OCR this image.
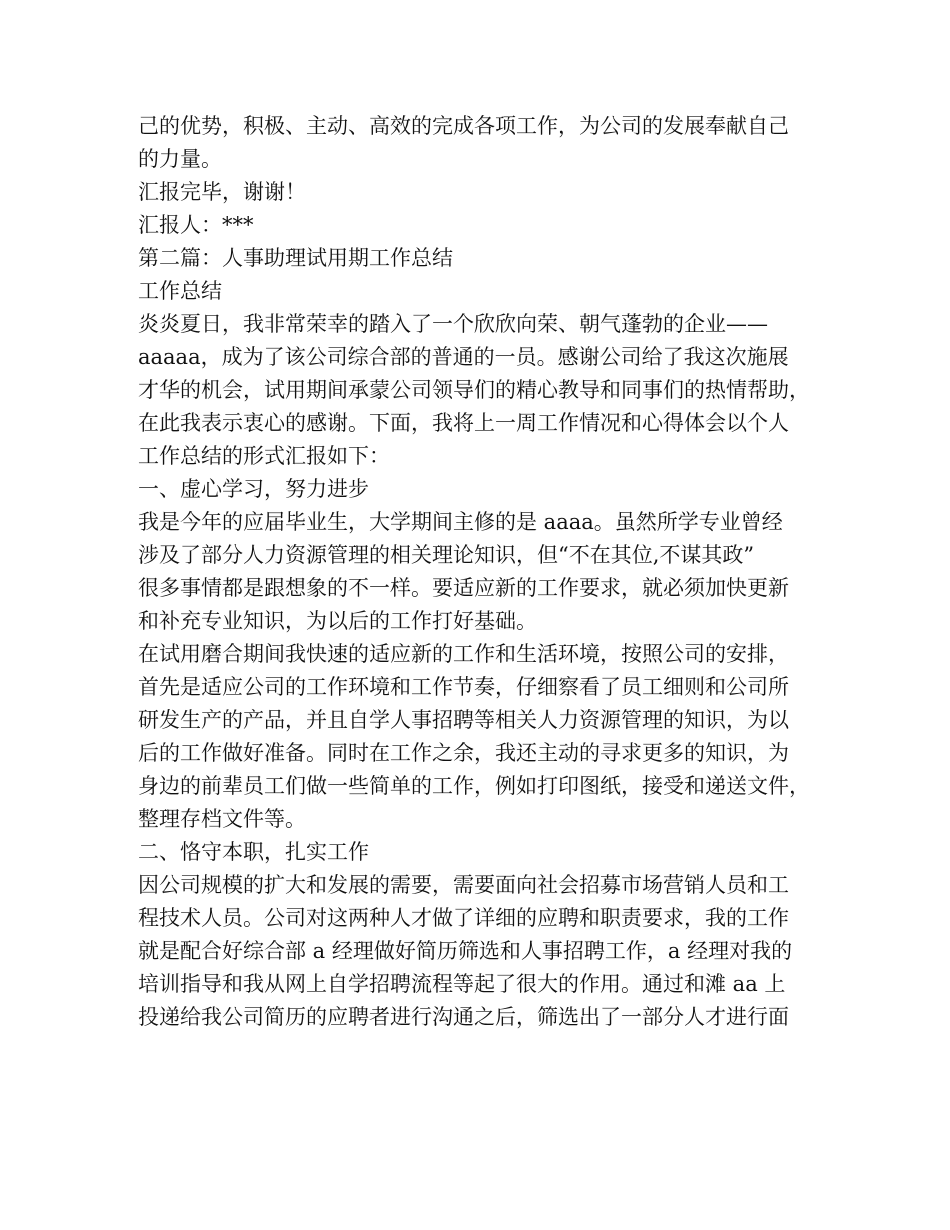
己的优势，积极、主动、高效的完成各项工作，为公司的发展奉献自己
的力量。
汇报完毕，谢谢！
汇报人：***
第二篇：人事助理试用期工作总结
工作总结
炎炎夏日，我非常荣幸的踏入了一个欣欣向荣、朝气蓬勃的企业——
aaaaa，成为了该公司综合部的普通的一员。感谢公司给了我这次施展
才华的机会，试用期间承蒙公司领导们的精心教导和同事们的热情帮助，
在此我表示衷心的感谢。下面，我将上一周工作情况和心得体会以个人
工作总结的形式汇报如下：
一、虚心学习，努力进步
我是今年的应届毕业生，大学期间主修的是 aaaa。虽然所学专业曾经
涉及了部分人力资源管理的相关理论知识，但“不在其位,不谋其政”
很多事情都是跟想象的不一样。要适应新的工作要求，就必须加快更新
和补充专业知识，为以后的工作打好基础。
在试用磨合期间我快速的适应新的工作和生活环境，按照公司的安排，
首先是适应公司的工作环境和工作节奏，仔细察看了员工细则和公司所
研发生产的产品，并且自学人事招聘等相关人力资源管理的知识，为以
后的工作做好准备。同时在工作之余，我还主动的寻求更多的知识，为
身边的前辈员工们做一些简单的工作，例如打印图纸，接受和递送文件，
整理存档文件等。
二、恪守本职，扎实工作
因公司规模的扩大和发展的需要，需要面向社会招募市场营销人员和工
程技术人员。公司对这两种人才做了详细的应聘和职责要求，我的工作
就是配合好综合部 a 经理做好简历筛选和人事招聘工作，a 经理对我的
培训指导和我从网上自学招聘流程等起了很大的作用。通过和滩 aa 上
投递给我公司简历的应聘者进行沟通之后，筛选出了一部分人才进行面
